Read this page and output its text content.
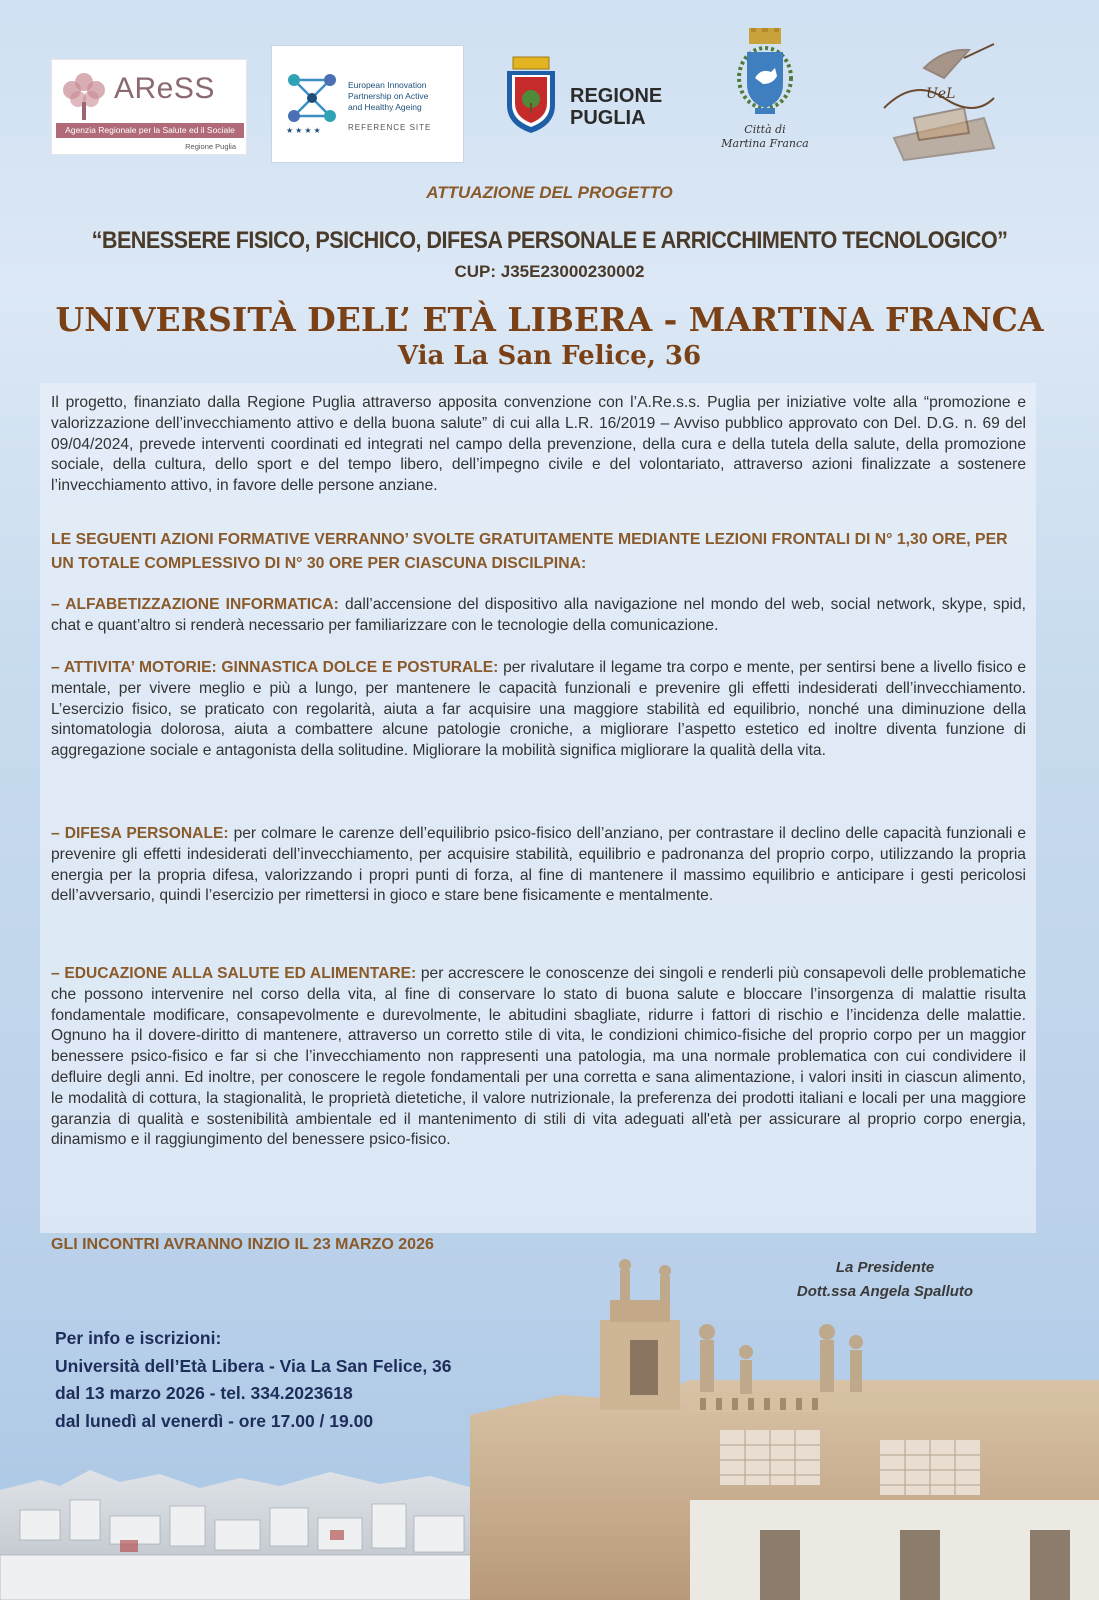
AReSS
Agenzia Regionale per la Salute ed il Sociale
Regione Puglia
European Innovation
Partnership on Active
and Healthy Ageing
★★★★	REFERENCE SITE
REGIONE
PUGLIA
Città di
Martina Franca
UeL
ATTUAZIONE DEL PROGETTO
“BENESSERE FISICO, PSICHICO, DIFESA PERSONALE E ARRICCHIMENTO TECNOLOGICO”
CUP: J35E23000230002
UNIVERSITÀ DELL’ ETÀ LIBERA - MARTINA FRANCA
Via La San Felice, 36

Il progetto, finanziato dalla Regione Puglia attraverso apposita convenzione con l’A.Re.s.s. Puglia per iniziative volte alla “promozione e valorizzazione dell’invecchiamento attivo e della buona salute” di cui alla L.R. 16/2019 – Avviso pubblico approvato con Del. D.G. n. 69 del 09/04/2024, prevede interventi coordinati ed integrati nel campo della prevenzione, della cura e della tutela della salute, della promozione sociale, della cultura, dello sport e del tempo libero, dell’impegno civile e del volontariato, attraverso azioni finalizzate a sostenere l’invecchiamento attivo, in favore delle persone anziane.

LE SEGUENTI AZIONI FORMATIVE VERRANNO’ SVOLTE GRATUITAMENTE MEDIANTE LEZIONI FRONTALI DI N° 1,30 ORE, PER UN TOTALE COMPLESSIVO DI N° 30 ORE PER CIASCUNA DISCILPINA:

– ALFABETIZZAZIONE INFORMATICA: dall’accensione del dispositivo alla navigazione nel mondo del web, social network, skype, spid, chat e quant’altro si renderà necessario per familiarizzare con le tecnologie della comunicazione.

– ATTIVITA’ MOTORIE: GINNASTICA DOLCE E POSTURALE: per rivalutare il legame tra corpo e mente, per sentirsi bene a livello fisico e mentale, per vivere meglio e più a lungo, per mantenere le capacità funzionali e prevenire gli effetti indesiderati dell’invecchiamento. L’esercizio fisico, se praticato con regolarità, aiuta a far acquisire una maggiore stabilità ed equilibrio, nonché una diminuzione della sintomatologia dolorosa, aiuta a combattere alcune patologie croniche, a migliorare l’aspetto estetico ed inoltre diventa funzione di aggregazione sociale e antagonista della solitudine. Migliorare la mobilità significa migliorare la qualità della vita.

– DIFESA PERSONALE: per colmare le carenze dell’equilibrio psico-fisico dell’anziano, per contrastare il declino delle capacità funzionali e prevenire gli effetti indesiderati dell’invecchiamento, per acquisire stabilità, equilibrio e padronanza del proprio corpo, utilizzando la propria energia per la propria difesa, valorizzando i propri punti di forza, al fine di mantenere il massimo equilibrio e anticipare i gesti pericolosi dell’avversario, quindi l’esercizio per rimettersi in gioco e stare bene fisicamente e mentalmente.

– EDUCAZIONE ALLA SALUTE ED ALIMENTARE: per accrescere le conoscenze dei singoli e renderli più consapevoli delle problematiche che possono intervenire nel corso della vita, al fine di conservare lo stato di buona salute e bloccare l’insorgenza di malattie risulta fondamentale modificare, consapevolmente e durevolmente, le abitudini sbagliate, ridurre i fattori di rischio e l’incidenza delle malattie. Ognuno ha il dovere-diritto di mantenere, attraverso un corretto stile di vita, le condizioni chimico-fisiche del proprio corpo per un maggior benessere psico-fisico e far si che l’invecchiamento non rappresenti una patologia, ma una normale problematica con cui condividere il defluire degli anni. Ed inoltre, per conoscere le regole fondamentali per una corretta e sana alimentazione, i valori insiti in ciascun alimento, le modalità di cottura, la stagionalità, le proprietà dietetiche, il valore nutrizionale, la preferenza dei prodotti italiani e locali per una maggiore garanzia di qualità e sostenibilità ambientale ed il mantenimento di stili di vita adeguati all'età per assicurare al proprio corpo energia, dinamismo e il raggiungimento del benessere psico-fisico.

GLI INCONTRI AVRANNO INZIO IL 23 MARZO 2026
La Presidente
Dott.ssa Angela Spalluto
Per info e iscrizioni:
Università dell’Età Libera - Via La San Felice, 36
dal 13 marzo 2026 - tel. 334.2023618
dal lunedì al venerdì - ore 17.00 / 19.00
